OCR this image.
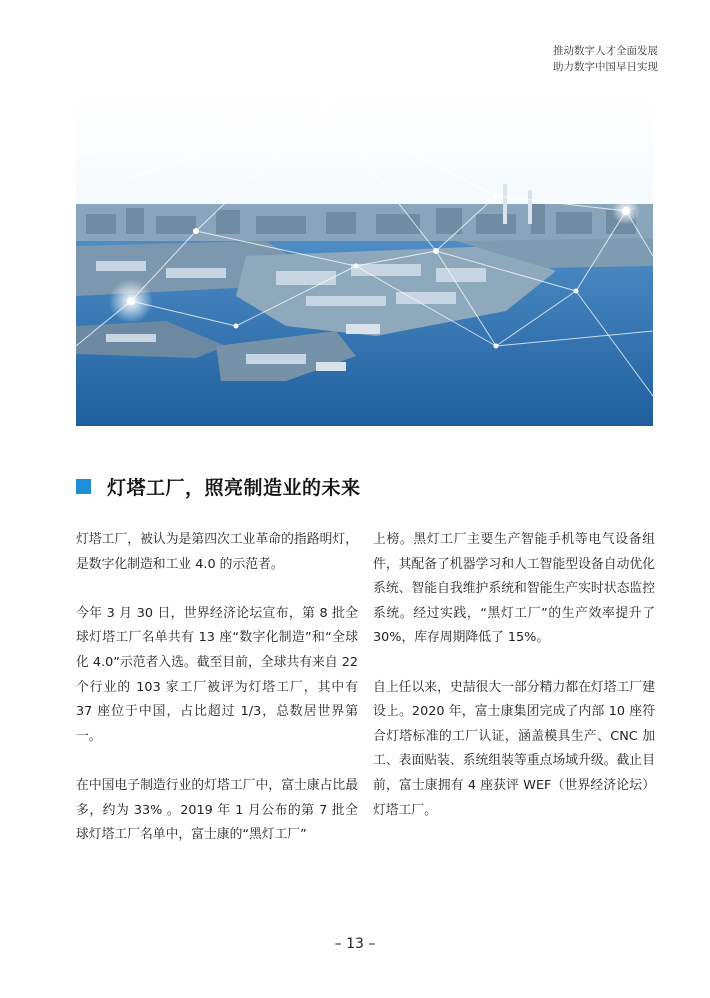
推动数字人才全面发展
助力数字中国早日实现
灯塔工厂，照亮制造业的未来

灯塔工厂，被认为是第四次工业革命的指路明灯，是数字化制造和工业 4.0 的示范者。

今年 3 月 30 日，世界经济论坛宣布，第 8 批全球灯塔工厂名单共有 13 座“数字化制造”和“全球化 4.0”示范者入选。截至目前，全球共有来自 22 个行业的 103 家工厂被评为灯塔工厂，其中有 37 座位于中国，占比超过 1/3，总数居世界第一。

在中国电子制造行业的灯塔工厂中，富士康占比最多，约为 33% 。2019 年 1 月公布的第 7 批全球灯塔工厂名单中，富士康的“黑灯工厂”

上榜。黑灯工厂主要生产智能手机等电气设备组件，其配备了机器学习和人工智能型设备自动优化系统、智能自我维护系统和智能生产实时状态监控系统。经过实践，“黑灯工厂”的生产效率提升了 30%，库存周期降低了 15%。

自上任以来，史喆很大一部分精力都在灯塔工厂建设上。2020 年，富士康集团完成了内部 10 座符合灯塔标准的工厂认证，涵盖模具生产、CNC 加工、表面贴装、系统组装等重点场域升级。截止目前，富士康拥有 4 座获评 WEF（世界经济论坛）灯塔工厂。

– 13 –
